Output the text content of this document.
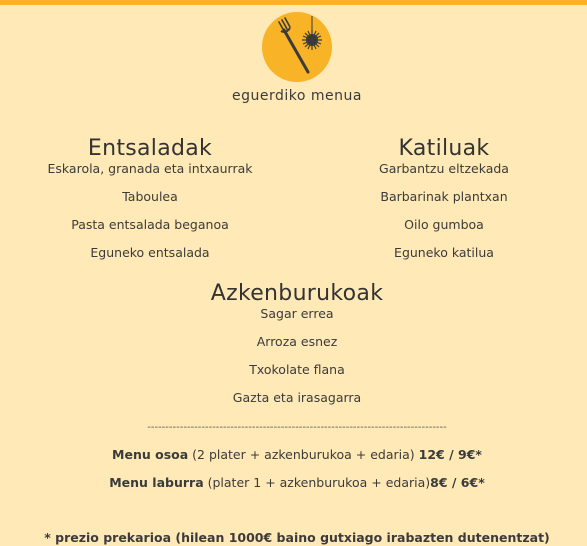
eguerdiko menua
Entsaladak
Eskarola, granada eta intxaurrak
Taboulea
Pasta entsalada beganoa
Eguneko entsalada
Katiluak
Garbantzu eltzekada
Barbarinak plantxan
Oilo gumboa
Eguneko katilua
Azkenburukoak
Sagar errea
Arroza esnez
Txokolate flana
Gazta eta irasagarra
-----------------------------------------------------------------------------------
Menu osoa (2 plater + azkenburukoa + edaria) 12€ / 9€*
Menu laburra (plater 1 + azkenburukoa + edaria)8€ / 6€*
* prezio prekarioa (hilean 1000€ baino gutxiago irabazten dutenentzat)
